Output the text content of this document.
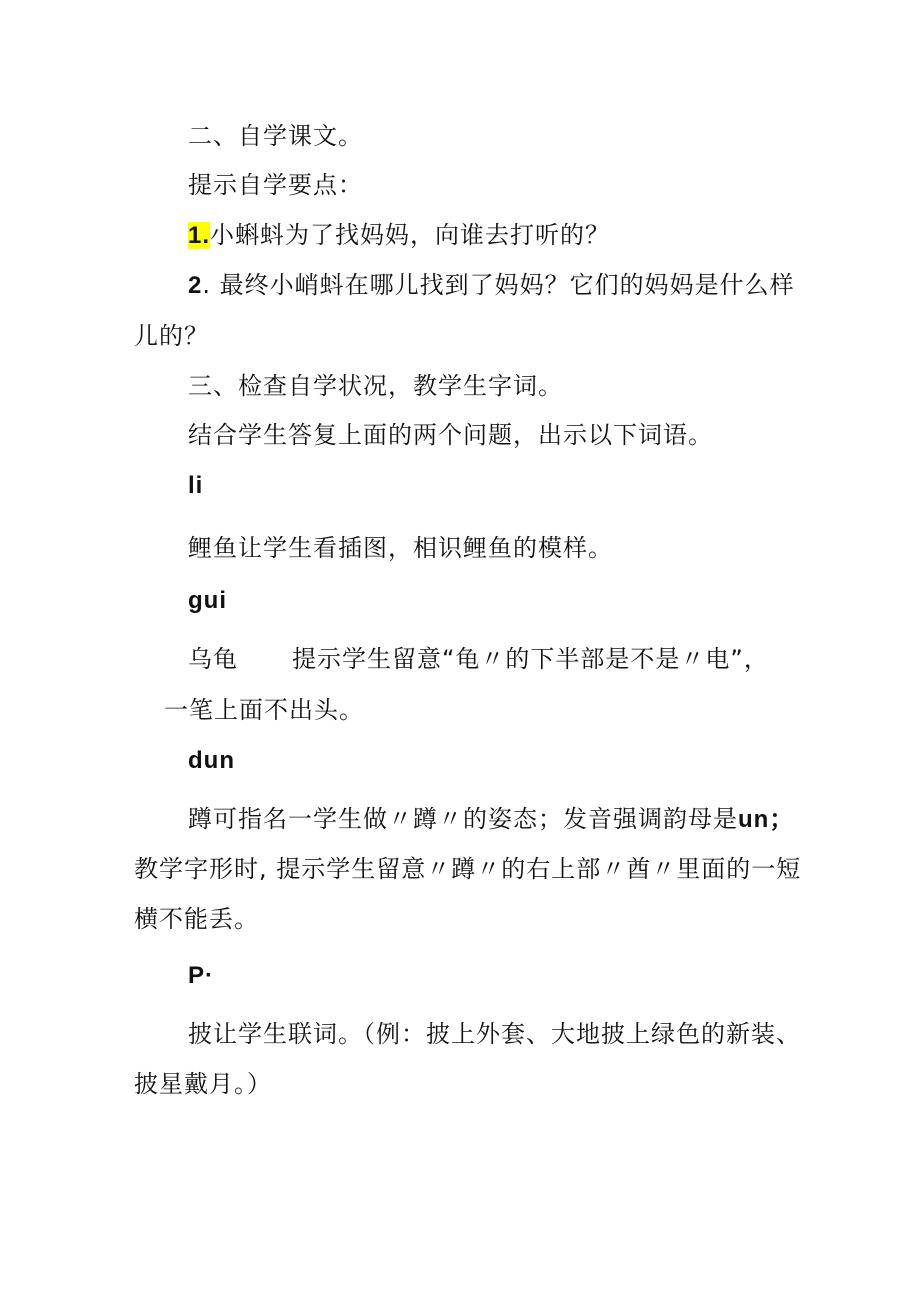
二、自学课文。
提示自学要点：
1.小蝌蚪为了找妈妈，向谁去打听的？
2. 最终小峭蚪在哪儿找到了妈妈？它们的妈妈是什么样
儿的？
三、检查自学状况，教学生字词。
结合学生答复上面的两个问题，出示以下词语。
li
鲤鱼让学生看插图，相识鲤鱼的模样。
gui
乌龟 提示学生留意“龟〃的下半部是不是〃电”，
一笔上面不出头。
dun
蹲可指名一学生做〃蹲〃的姿态；发音强调韵母是un；
教学字形时, 提示学生留意〃蹲〃的右上部〃酋〃里面的一短
横不能丢。
P·
披让学生联词。（例：披上外套、大地披上绿色的新装、
披星戴月。）
